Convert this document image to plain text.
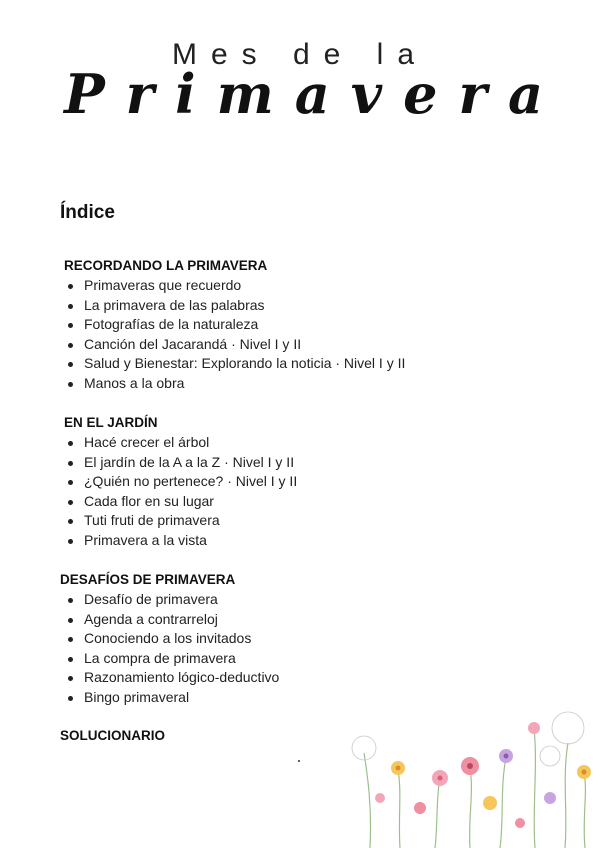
Mes de la
Primavera
Índice

RECORDANDO LA PRIMAVERA

Primaveras que recuerdo
La primavera de las palabras
Fotografías de la naturaleza
Canción del Jacarandá · Nivel I y II
Salud y Bienestar: Explorando la noticia · Nivel I y II
Manos a la obra

EN EL JARDÍN

Hacé crecer el árbol
El jardín de la A a la Z · Nivel I y II
¿Quién no pertenece? · Nivel I y II
Cada flor en su lugar
Tuti fruti de primavera
Primavera a la vista

DESAFÍOS DE PRIMAVERA

Desafío de primavera
Agenda a contrarreloj
Conociendo a los invitados
La compra de primavera
Razonamiento lógico-deductivo
Bingo primaveral
SOLUCIONARIO
